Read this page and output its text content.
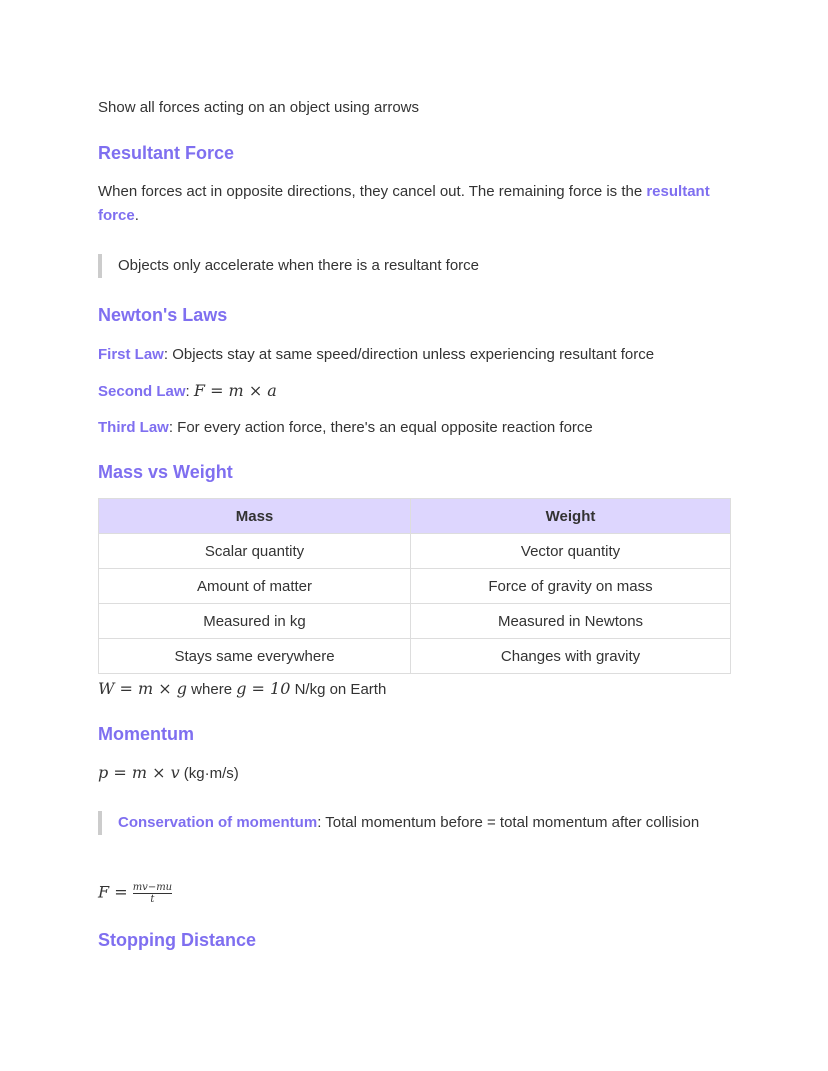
Show all forces acting on an object using arrows
Resultant Force
When forces act in opposite directions, they cancel out. The remaining force is the resultant force.
Objects only accelerate when there is a resultant force
Newton's Laws
First Law: Objects stay at same speed/direction unless experiencing resultant force
Second Law: F = m × a
Third Law: For every action force, there's an equal opposite reaction force
Mass vs Weight
Mass	Weight
Scalar quantity	Vector quantity
Amount of matter	Force of gravity on mass
Measured in kg	Measured in Newtons
Stays same everywhere	Changes with gravity
W = m × g where g = 10 N/kg on Earth
Momentum
p = m × v (kg·m/s)
Conservation of momentum: Total momentum before = total momentum after collision
$F = \frac{mv-mu}{t}$
Stopping Distance
